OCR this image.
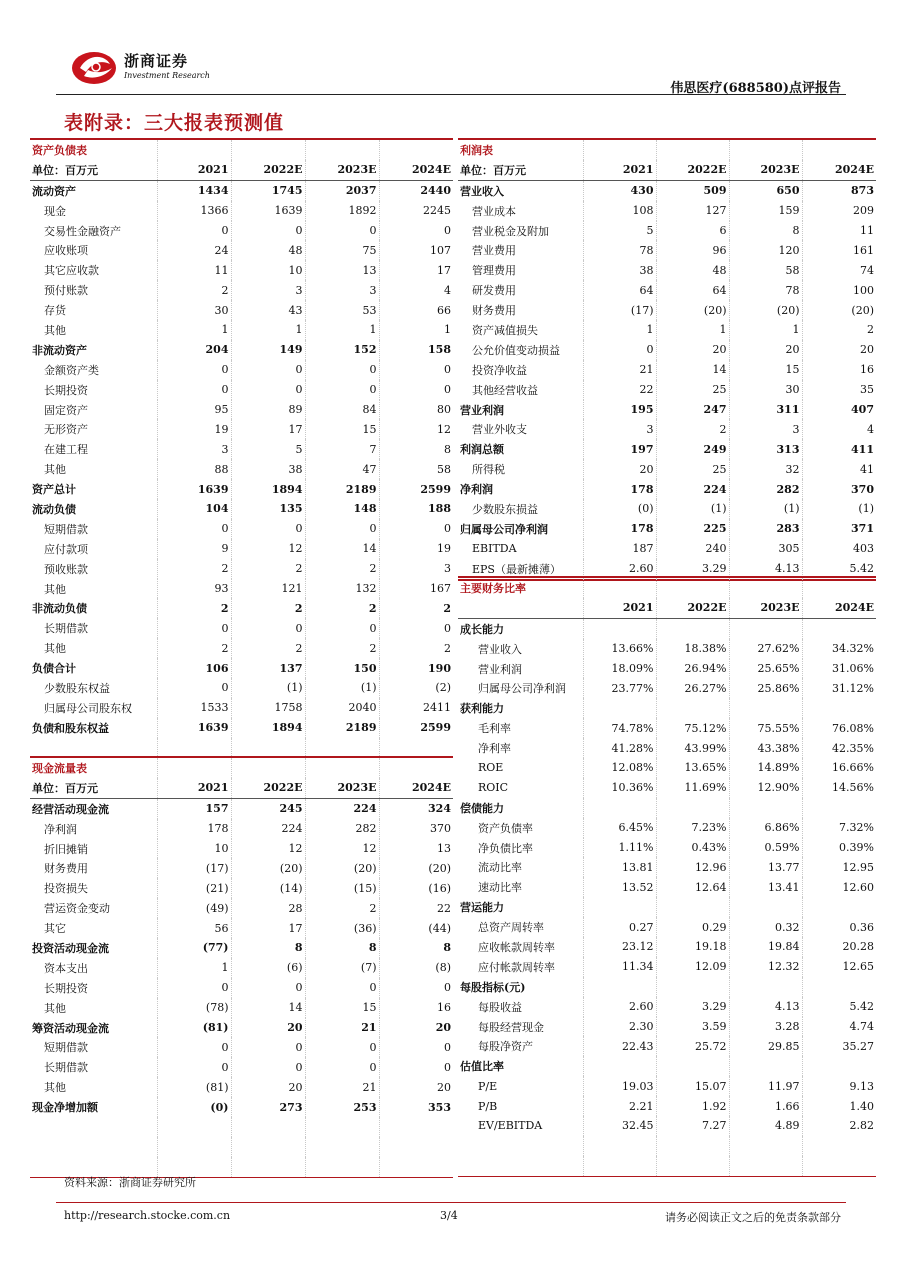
浙商证券
Investment Research
伟思医疗(688580)点评报告
表附录：三大报表预测值
资产负债表				
单位：百万元	2021	2022E	2023E	2024E
流动资产	1434	1745	2037	2440
现金	1366	1639	1892	2245
交易性金融资产	0	0	0	0
应收账项	24	48	75	107
其它应收款	11	10	13	17
预付账款	2	3	3	4
存货	30	43	53	66
其他	1	1	1	1
非流动资产	204	149	152	158
金额资产类	0	0	0	0
长期投资	0	0	0	0
固定资产	95	89	84	80
无形资产	19	17	15	12
在建工程	3	5	7	8
其他	88	38	47	58
资产总计	1639	1894	2189	2599
流动负债	104	135	148	188
短期借款	0	0	0	0
应付款项	9	12	14	19
预收账款	2	2	2	3
其他	93	121	132	167
非流动负债	2	2	2	2
长期借款	0	0	0	0
其他	2	2	2	2
负债合计	106	137	150	190
少数股东权益	0	(1)	(1)	(2)
归属母公司股东权	1533	1758	2040	2411
负债和股东权益	1639	1894	2189	2599

现金流量表				
单位：百万元	2021	2022E	2023E	2024E
经营活动现金流	157	245	224	324
净利润	178	224	282	370
折旧摊销	10	12	12	13
财务费用	(17)	(20)	(20)	(20)
投资损失	(21)	(14)	(15)	(16)
营运资金变动	(49)	28	2	22
其它	56	17	(36)	(44)
投资活动现金流	(77)	8	8	8
资本支出	1	(6)	(7)	(8)
长期投资	0	0	0	0
其他	(78)	14	15	16
筹资活动现金流	(81)	20	21	20
短期借款	0	0	0	0
长期借款	0	0	0	0
其他	(81)	20	21	20
现金净增加额	(0)	273	253	353

利润表				
单位：百万元	2021	2022E	2023E	2024E
营业收入	430	509	650	873
营业成本	108	127	159	209
营业税金及附加	5	6	8	11
营业费用	78	96	120	161
管理费用	38	48	58	74
研发费用	64	64	78	100
财务费用	(17)	(20)	(20)	(20)
资产减值损失	1	1	1	2
公允价值变动损益	0	20	20	20
投资净收益	21	14	15	16
其他经营收益	22	25	30	35
营业利润	195	247	311	407
营业外收支	3	2	3	4
利润总额	197	249	313	411
所得税	20	25	32	41
净利润	178	224	282	370
少数股东损益	(0)	(1)	(1)	(1)
归属母公司净利润	178	225	283	371
EBITDA	187	240	305	403
EPS（最新摊薄）	2.60	3.29	4.13	5.42
主要财务比率				
	2021	2022E	2023E	2024E
成长能力				
营业收入	13.66%	18.38%	27.62%	34.32%
营业利润	18.09%	26.94%	25.65%	31.06%
归属母公司净利润	23.77%	26.27%	25.86%	31.12%
获利能力				
毛利率	74.78%	75.12%	75.55%	76.08%
净利率	41.28%	43.99%	43.38%	42.35%
ROE	12.08%	13.65%	14.89%	16.66%
ROIC	10.36%	11.69%	12.90%	14.56%
偿债能力				
资产负债率	6.45%	7.23%	6.86%	7.32%
净负债比率	1.11%	0.43%	0.59%	0.39%
流动比率	13.81	12.96	13.77	12.95
速动比率	13.52	12.64	13.41	12.60
营运能力				
总资产周转率	0.27	0.29	0.32	0.36
应收帐款周转率	23.12	19.18	19.84	20.28
应付帐款周转率	11.34	12.09	12.32	12.65
每股指标(元)				
每股收益	2.60	3.29	4.13	5.42
每股经营现金	2.30	3.59	3.28	4.74
每股净资产	22.43	25.72	29.85	35.27
估值比率				
P/E	19.03	15.07	11.97	9.13
P/B	2.21	1.92	1.66	1.40
EV/EBITDA	32.45	7.27	4.89	2.82

资料来源：浙商证券研究所
http://research.stocke.com.cn	3/4	请务必阅读正文之后的免责条款部分
